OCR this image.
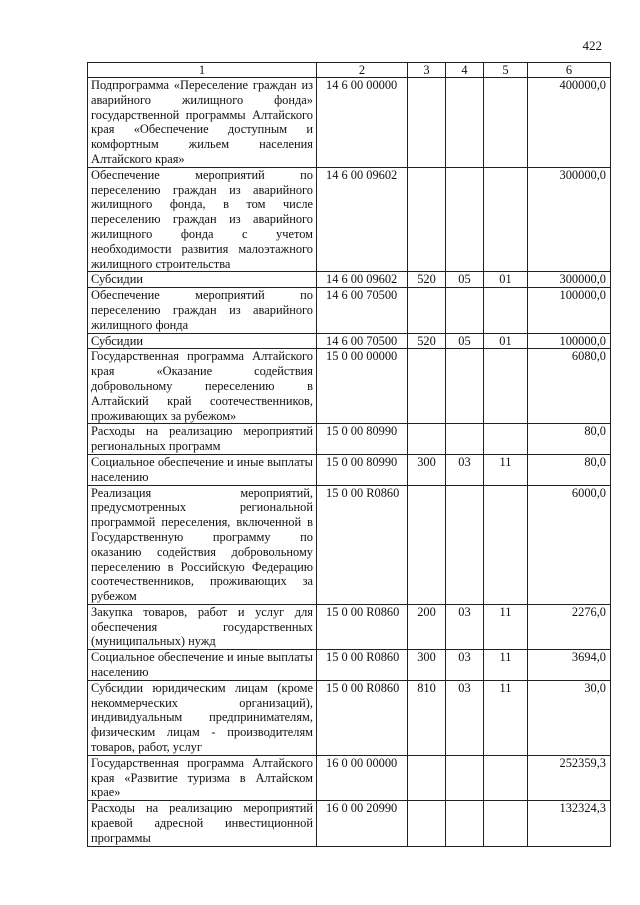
422
1	2	3	4	5	6
Подпрограмма «Переселение граждан из аварийного жилищного фонда» государственной программы Алтайского края «Обеспечение доступным и комфортным жильем населения Алтайского края»	14 6 00 00000				400000,0
Обеспечение мероприятий по переселению граждан из аварийного жилищного фонда, в том числе переселению граждан из аварийного жилищного фонда с учетом необходимости развития малоэтажного жилищного строительства	14 6 00 09602				300000,0
Субсидии	14 6 00 09602	520	05	01	300000,0
Обеспечение мероприятий по переселению граждан из аварийного жилищного фонда	14 6 00 70500				100000,0
Субсидии	14 6 00 70500	520	05	01	100000,0
Государственная программа Алтайского края «Оказание содействия добровольному переселению в Алтайский край соотечественников, проживающих за рубежом»	15 0 00 00000				6080,0
Расходы на реализацию мероприятий региональных программ	15 0 00 80990				80,0
Социальное обеспечение и иные выплаты населению	15 0 00 80990	300	03	11	80,0
Реализация мероприятий, предусмотренных региональной программой переселения, включенной в Государственную программу по оказанию содействия добровольному переселению в Российскую Федерацию соотечественников, проживающих за рубежом	15 0 00 R0860				6000,0
Закупка товаров, работ и услуг для обеспечения государственных (муниципальных) нужд	15 0 00 R0860	200	03	11	2276,0
Социальное обеспечение и иные выплаты населению	15 0 00 R0860	300	03	11	3694,0
Субсидии юридическим лицам (кроме некоммерческих организаций), индивидуальным предпринимателям, физическим лицам - производителям товаров, работ, услуг	15 0 00 R0860	810	03	11	30,0
Государственная программа Алтайского края «Развитие туризма в Алтайском крае»	16 0 00 00000				252359,3
Расходы на реализацию мероприятий краевой адресной инвестиционной программы	16 0 00 20990				132324,3
